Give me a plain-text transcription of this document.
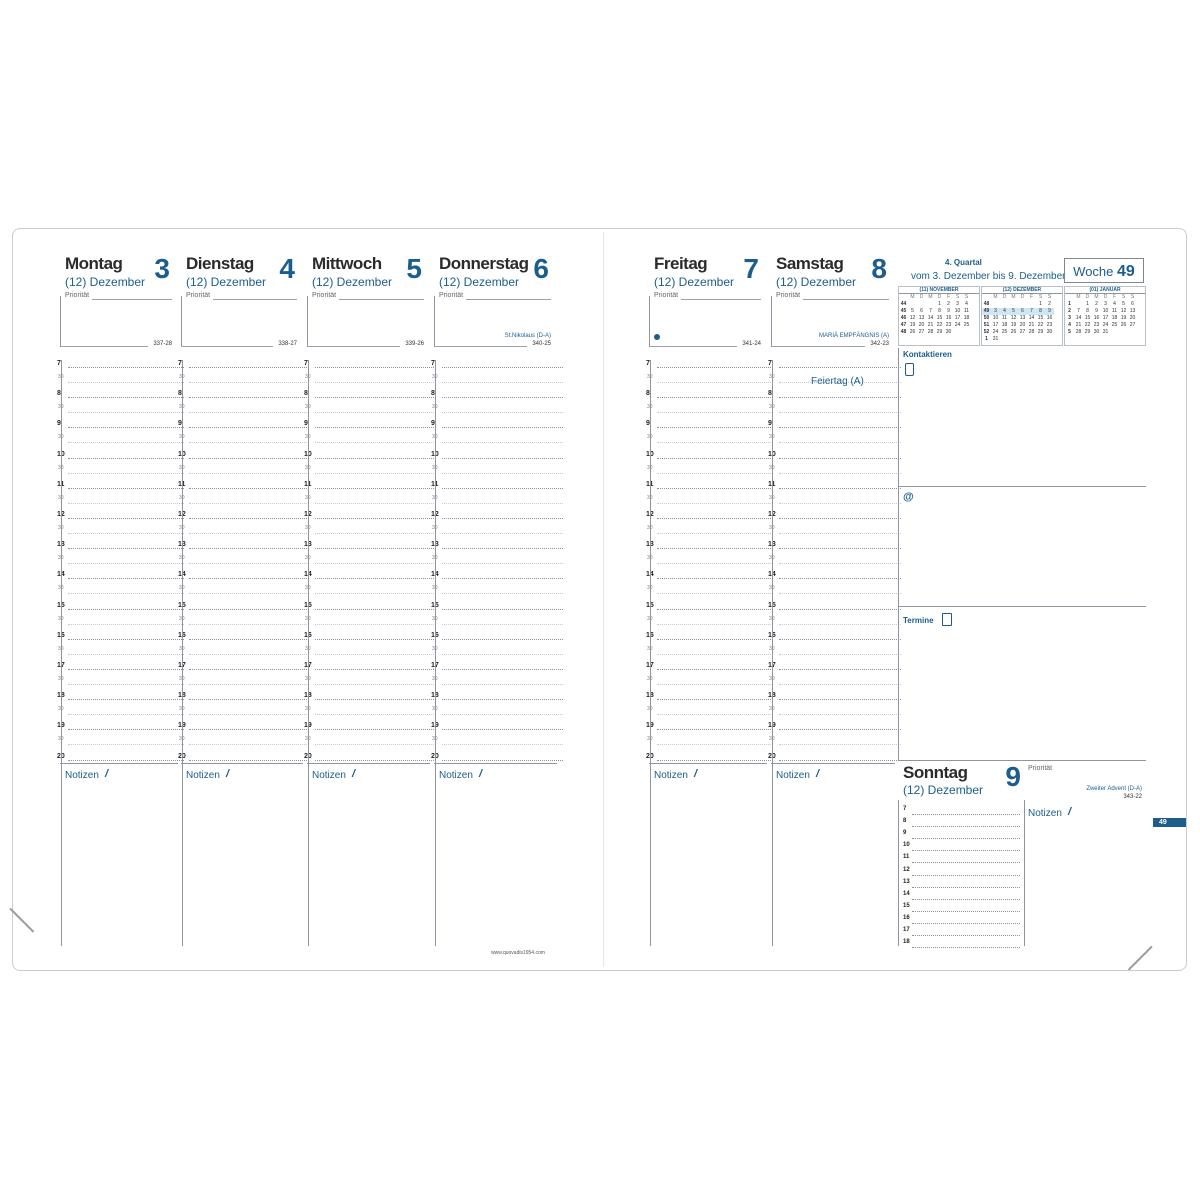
Montag
(12) Dezember 3
Priorität
337-28
7
30
8
30
9
30
10
30
11
30
12
30
13
30
14
30
15
30
16
30
17
30
18
30
19
30
20
Notizen /
Dienstag
(12) Dezember 4
Priorität
338-27
7
30
8
30
9
30
10
30
11
30
12
30
13
30
14
30
15
30
16
30
17
30
18
30
19
30
20
Notizen /
Mittwoch
(12) Dezember 5
Priorität
339-26
7
30
8
30
9
30
10
30
11
30
12
30
13
30
14
30
15
30
16
30
17
30
18
30
19
30
20
Notizen /
Donnerstag
(12) Dezember 6
Priorität
340-25
St.Nikolaus (D-A)
7
30
8
30
9
30
10
30
11
30
12
30
13
30
14
30
15
30
16
30
17
30
18
30
19
30
20
Notizen /
Freitag
(12) Dezember 7
Priorität
341-24
7
30
8
30
9
30
10
30
11
30
12
30
13
30
14
30
15
30
16
30
17
30
18
30
19
30
20
Notizen /
Samstag
(12) Dezember 8
Priorität
342-23
MARIÄ EMPFÄNGNIS (A)
7
30
8
30
9
30
10
30
11
30
12
30
13
30
14
30
15
30
16
30
17
30
18
30
19
30
20
Notizen /
Feiertag (A)
4. Quartal
vom 3. Dezember bis 9. Dezember Woche 49
(11) NOVEMBER
	M	D	M	D	F	S	S
44				1	2	3	4
45	5	6	7	8	9	10	11
46	12	13	14	15	16	17	18
47	19	20	21	22	23	24	25
48	26	27	28	29	30		
(12) DEZEMBER
	M	D	M	D	F	S	S
48						1	2
49	3	4	5	6	7	8	9
50	10	11	12	13	14	15	16
51	17	18	19	20	21	22	23
52	24	25	26	27	28	29	30
1	31						
(01) JANUAR
	M	D	M	D	F	S	S
1		1	2	3	4	5	6
2	7	8	9	10	11	12	13
3	14	15	16	17	18	19	20
4	21	22	23	24	25	26	27
5	28	29	30	31			
Kontaktieren
@
Termine
Sonntag
(12) Dezember 9 Priorität
Zweiter Advent (D-A)
343-22
7
8
9
10
11
12
13
14
15
16
17
18
Notizen /
49
www.quovadis1954.com
▪▪▪▪▪▪▪▪▪▪▪▪▪▪▪▪▪▪
▪▪▪▪▪▪▪▪▪▪▪▪▪▪▪▪▪▪
